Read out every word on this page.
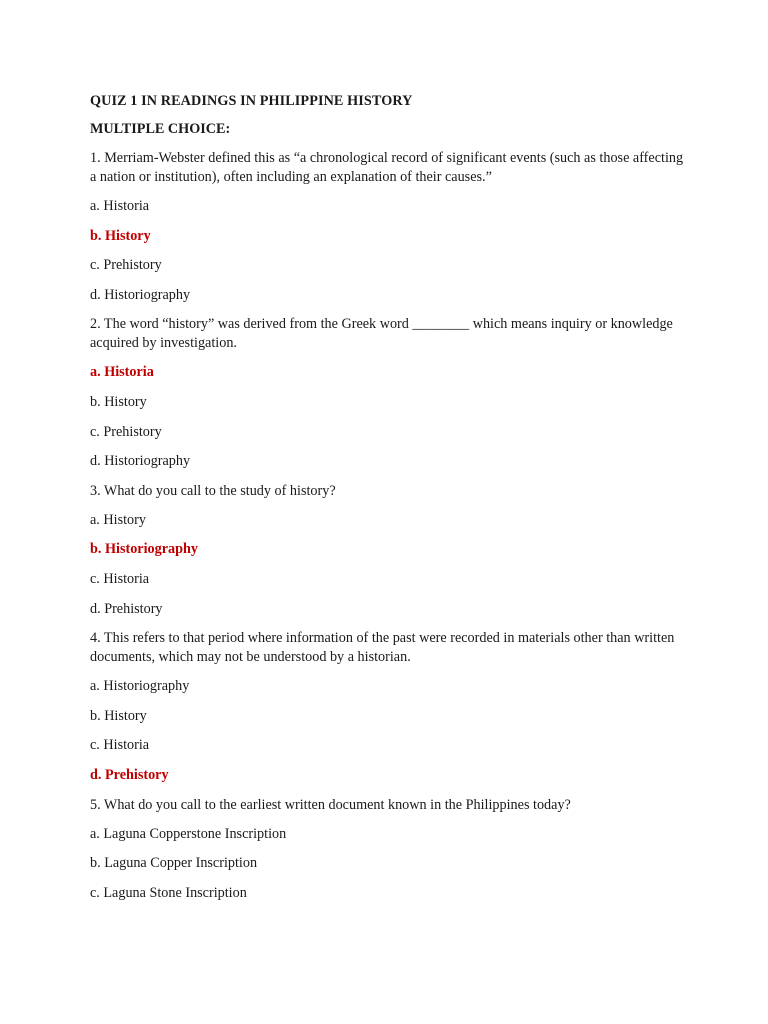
QUIZ 1 IN READINGS IN PHILIPPINE HISTORY
MULTIPLE CHOICE:
1. Merriam-Webster defined this as “a chronological record of significant events (such as those affecting a nation or institution), often including an explanation of their causes.”
a. Historia
b. History
c. Prehistory
d. Historiography
2. The word “history” was derived from the Greek word ________ which means inquiry or knowledge acquired by investigation.
a. Historia
b. History
c. Prehistory
d. Historiography
3. What do you call to the study of history?
a. History
b. Historiography
c. Historia
d. Prehistory
4. This refers to that period where information of the past were recorded in materials other than written documents, which may not be understood by a historian.
a. Historiography
b. History
c. Historia
d. Prehistory
5. What do you call to the earliest written document known in the Philippines today?
a. Laguna Copperstone Inscription
b. Laguna Copper Inscription
c. Laguna Stone Inscription
